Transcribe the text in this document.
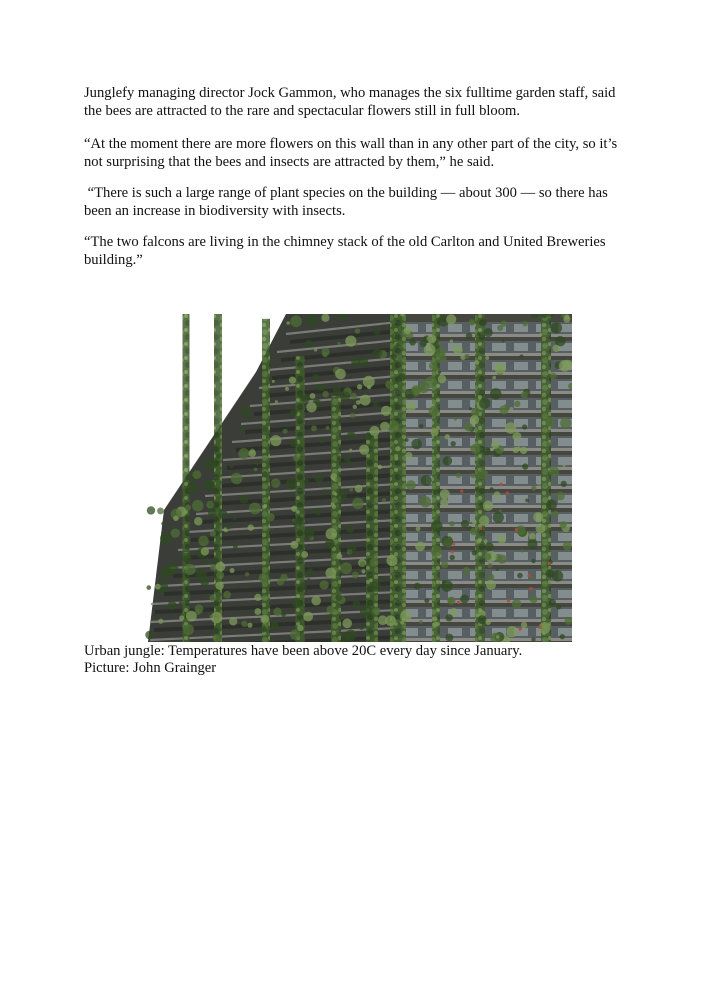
Junglefy managing director Jock Gammon, who manages the six fulltime garden staff, said
the bees are attracted to the rare and spectacular flowers still in full bloom.

“At the moment there are more flowers on this wall than in any other part of the city, so it’s
not surprising that the bees and insects are attracted by them,” he said.

“There is such a large range of plant species on the building — about 300 — so there has
been an increase in biodiversity with insects.

“The two falcons are living in the chimney stack of the old Carlton and United Breweries
building.”

Urban jungle: Temperatures have been above 20C every day since January.
Picture: John Grainger
